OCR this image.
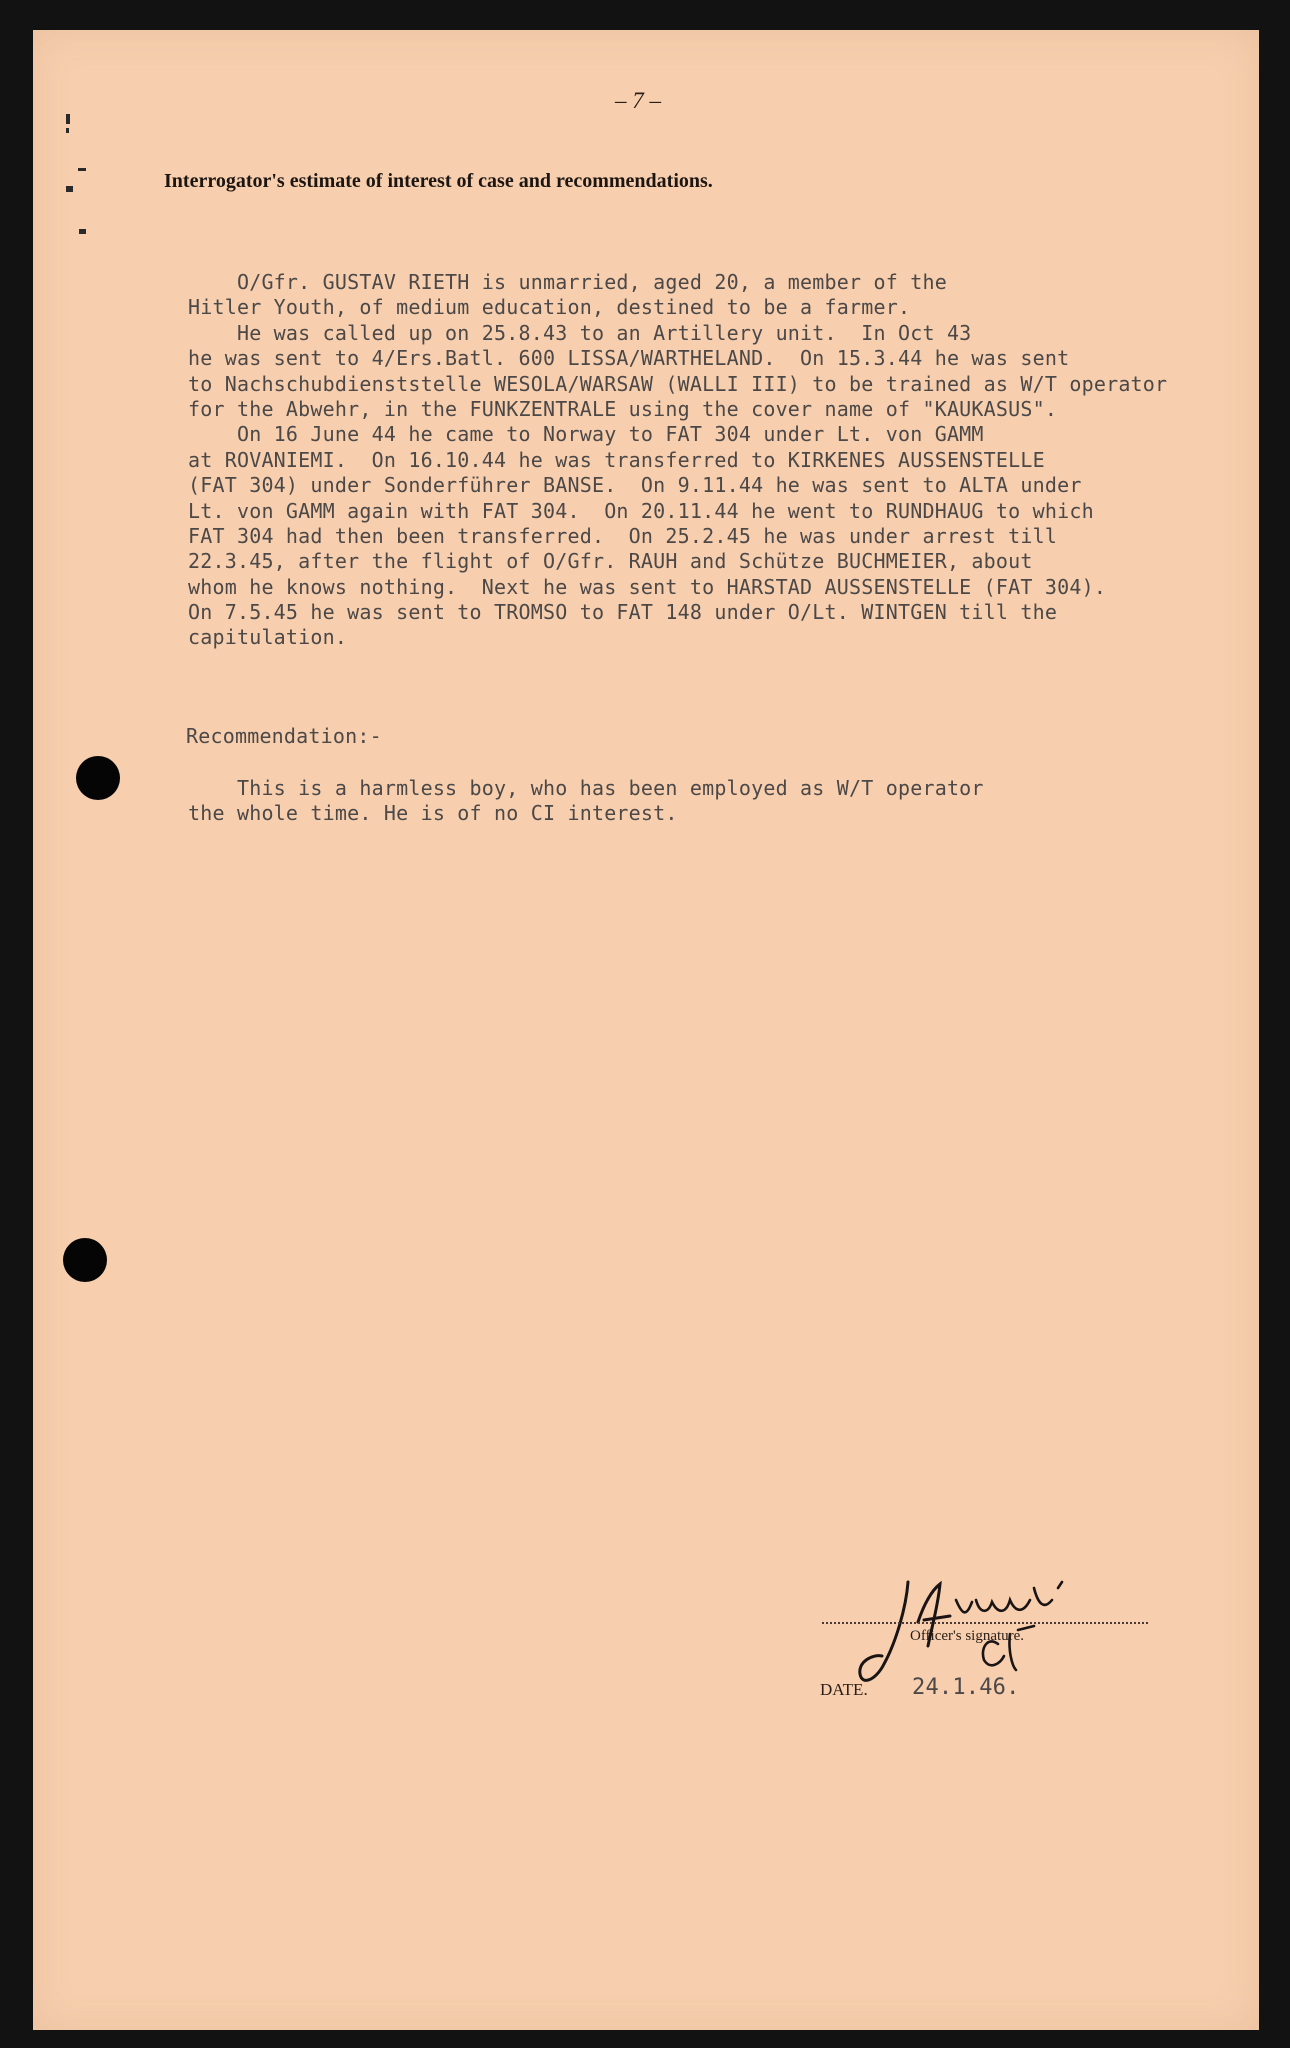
– 7 –
Interrogator's estimate of interest of case and recommendations.
O/Gfr. GUSTAV RIETH is unmarried, aged 20, a member of the
Hitler Youth, of medium education, destined to be a farmer.
He was called up on 25.8.43 to an Artillery unit.  In Oct 43
he was sent to 4/Ers.Batl. 600 LISSA/WARTHELAND.  On 15.3.44 he was sent
to Nachschubdienststelle WESOLA/WARSAW (WALLI III) to be trained as W/T operator
for the Abwehr, in the FUNKZENTRALE using the cover name of "KAUKASUS".
On 16 June 44 he came to Norway to FAT 304 under Lt. von GAMM
at ROVANIEMI.  On 16.10.44 he was transferred to KIRKENES AUSSENSTELLE
(FAT 304) under Sonderführer BANSE.  On 9.11.44 he was sent to ALTA under
Lt. von GAMM again with FAT 304.  On 20.11.44 he went to RUNDHAUG to which
FAT 304 had then been transferred.  On 25.2.45 he was under arrest till
22.3.45, after the flight of O/Gfr. RAUH and Schütze BUCHMEIER, about
whom he knows nothing.  Next he was sent to HARSTAD AUSSENSTELLE (FAT 304).
On 7.5.45 he was sent to TROMSO to FAT 148 under O/Lt. WINTGEN till the
capitulation.
Recommendation:-
This is a harmless boy, who has been employed as W/T operator
the whole time. He is of no CI interest.
Officer's signature.
DATE. 24.1.46.
